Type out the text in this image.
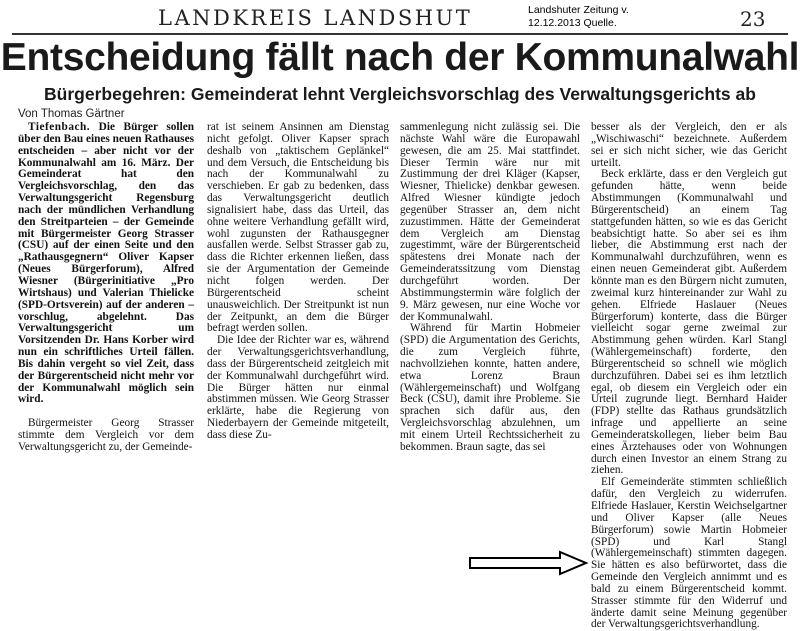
LANDKREIS LANDSHUT	Landshuter Zeitung v.
12.12.2013 Quelle.	23
Entscheidung fällt nach der Kommunalwahl
Bürgerbegehren: Gemeinderat lehnt Vergleichsvorschlag des Verwaltungsgerichts ab
Von Thomas Gärtner

Tiefenbach. Die Bürger sollen über den Bau eines neuen Rathauses entscheiden – aber nicht vor der Kommunalwahl am 16. März. Der Gemeinderat hat den Vergleichsvorschlag, den das Verwaltungsgericht Regensburg nach der mündlichen Verhandlung den Streitparteien – der Gemeinde mit Bürgermeister Georg Strasser (CSU) auf der einen Seite und den „Rathausgegnern“ Oliver Kapser (Neues Bürgerforum), Alfred Wiesner (Bürgerinitiative „Pro Wirtshaus) und Valerian Thielicke (SPD-Ortsverein) auf der anderen – vorschlug, abgelehnt. Das Verwaltungsgericht um Vorsitzenden Dr. Hans Korber wird nun ein schriftliches Urteil fällen. Bis dahin vergeht so viel Zeit, dass der Bürgerentscheid nicht mehr vor der Kommunalwahl möglich sein wird.

Bürgermeister Georg Strasser stimmte dem Vergleich vor dem Verwaltungsgericht zu, der Gemeinde-

rat ist seinem Ansinnen am Dienstag nicht gefolgt. Oliver Kapser sprach deshalb von „taktischem Geplänkel“ und dem Versuch, die Entscheidung bis nach der Kommunalwahl zu verschieben. Er gab zu bedenken, dass das Verwaltungsgericht deutlich signalisiert habe, dass das Urteil, das ohne weitere Verhandlung gefällt wird, wohl zugunsten der Rathausgegner ausfallen werde. Selbst Strasser gab zu, dass die Richter erkennen ließen, dass sie der Argumentation der Gemeinde nicht folgen werden. Der Bürgerentscheid scheint unausweichlich. Der Streitpunkt ist nun der Zeitpunkt, an dem die Bürger befragt werden sollen.

Die Idee der Richter war es, während der Verwaltungsgerichtsverhandlung, dass der Bürgerentscheid zeitgleich mit der Kommunalwahl durchgeführt wird. Die Bürger hätten nur einmal abstimmen müssen. Wie Georg Strasser erklärte, habe die Regierung von Niederbayern der Gemeinde mitgeteilt, dass diese Zu-

sammenlegung nicht zulässig sei. Die nächste Wahl wäre die Europawahl gewesen, die am 25. Mai stattfindet. Dieser Termin wäre nur mit Zustimmung der drei Kläger (Kapser, Wiesner, Thielicke) denkbar gewesen. Alfred Wiesner kündigte jedoch gegenüber Strasser an, dem nicht zuzustimmen. Hätte der Gemeinderat dem Vergleich am Dienstag zugestimmt, wäre der Bürgerentscheid spätestens drei Monate nach der Gemeinderatssitzung vom Dienstag durchgeführt worden. Der Abstimmungstermin wäre folglich der 9. März gewesen, nur eine Woche vor der Kommunalwahl.

Während für Martin Hobmeier (SPD) die Argumentation des Gerichts, die zum Vergleich führte, nachvollziehen konnte, hatten andere, etwa Lorenz Braun (Wählergemeinschaft) und Wolfgang Beck (CSU), damit ihre Probleme. Sie sprachen sich dafür aus, den Vergleichsvorschlag abzulehnen, um mit einem Urteil Rechtssicherheit zu bekommen. Braun sagte, das sei

besser als der Vergleich, den er als „Wischiwaschi“ bezeichnete. Außerdem sei er sich nicht sicher, wie das Gericht urteilt.

Beck erklärte, dass er den Vergleich gut gefunden hätte, wenn beide Abstimmungen (Kommunalwahl und Bürgerentscheid) an einem Tag stattgefunden hätten, so wie es das Gericht beabsichtigt hatte. So aber sei es ihm lieber, die Abstimmung erst nach der Kommunalwahl durchzuführen, wenn es einen neuen Gemeinderat gibt. Außerdem könnte man es den Bürgern nicht zumuten, zweimal kurz hintereinander zur Wahl zu gehen. Elfriede Haslauer (Neues Bürgerforum) konterte, dass die Bürger vielleicht sogar gerne zweimal zur Abstimmung gehen würden. Karl Stangl (Wählergemeinschaft) forderte, den Bürgerentscheid so schnell wie möglich durchzuführen. Dabei sei es ihm letztlich egal, ob diesem ein Vergleich oder ein Urteil zugrunde liegt. Bernhard Haider (FDP) stellte das Rathaus grundsätzlich infrage und appellierte an seine Gemeinderatskollegen, lieber beim Bau eines Ärztehauses oder von Wohnungen durch einen Investor an einem Strang zu ziehen.

Elf Gemeinderäte stimmten schließlich dafür, den Vergleich zu widerrufen. Elfriede Haslauer, Kerstin Weichselgartner und Oliver Kapser (alle Neues Bürgerforum) sowie Martin Hobmeier (SPD) und Karl Stangl (Wählergemeinschaft) stimmten dagegen. Sie hätten es also befürwortet, dass die Gemeinde den Vergleich annimmt und es bald zu einem Bürgerentscheid kommt. Strasser stimmte für den Widerruf und änderte damit seine Meinung gegenüber der Verwaltungsgerichtsverhandlung.
